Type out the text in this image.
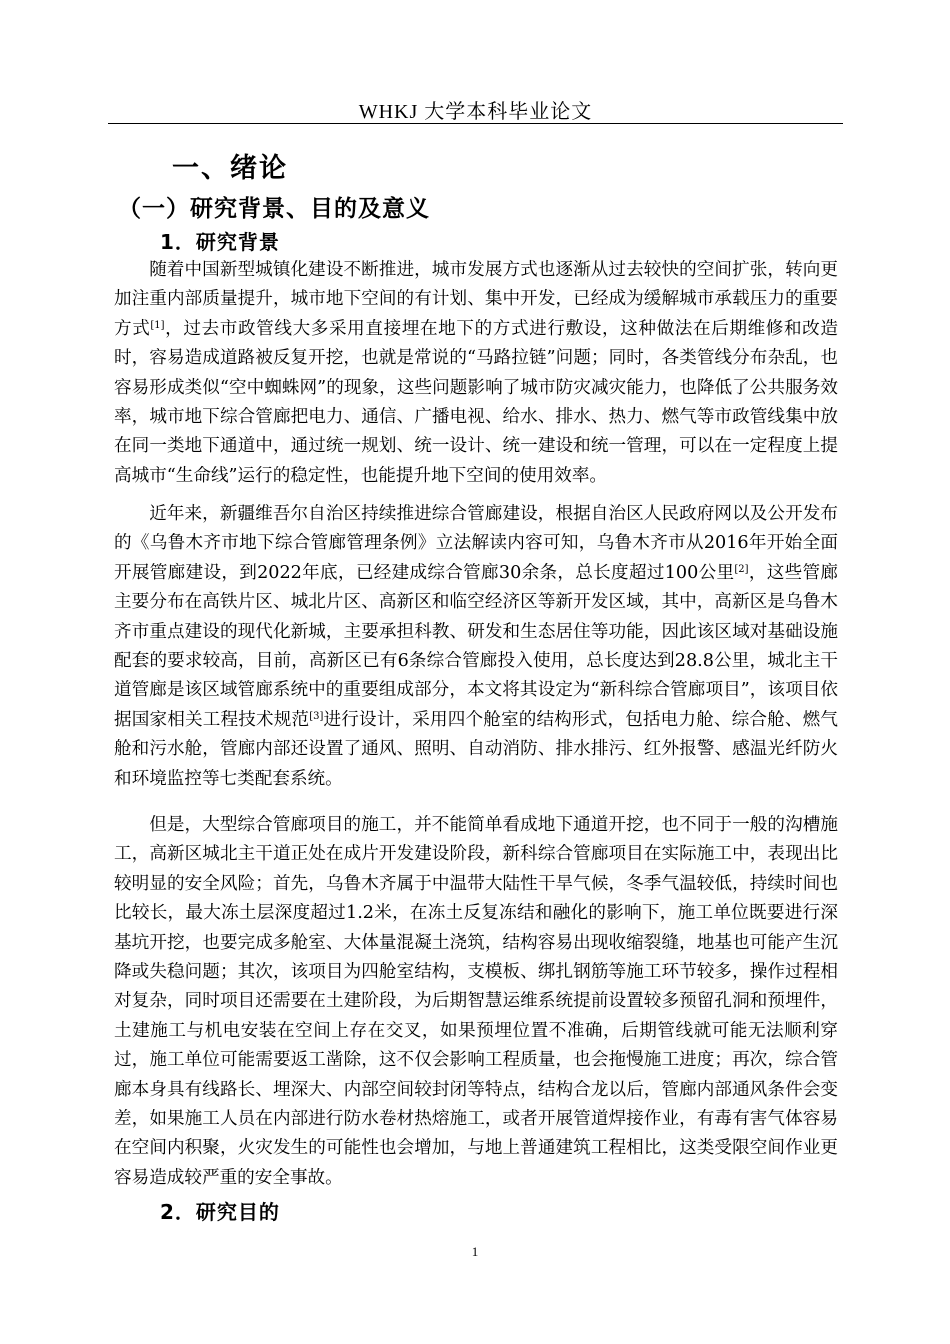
WHKJ 大学本科毕业论文
一、绪论
（一）研究背景、目的及意义
1．研究背景

随着中国新型城镇化建设不断推进，城市发展方式也逐渐从过去较快的空间扩张，转向更加注重内部质量提升，城市地下空间的有计划、集中开发，已经成为缓解城市承载压力的重要方式[1]，过去市政管线大多采用直接埋在地下的方式进行敷设，这种做法在后期维修和改造时，容易造成道路被反复开挖，也就是常说的“马路拉链”问题；同时，各类管线分布杂乱，也容易形成类似“空中蜘蛛网”的现象，这些问题影响了城市防灾减灾能力，也降低了公共服务效率，城市地下综合管廊把电力、通信、广播电视、给水、排水、热力、燃气等市政管线集中放在同一类地下通道中，通过统一规划、统一设计、统一建设和统一管理，可以在一定程度上提高城市“生命线”运行的稳定性，也能提升地下空间的使用效率。

近年来，新疆维吾尔自治区持续推进综合管廊建设，根据自治区人民政府网以及公开发布的《乌鲁木齐市地下综合管廊管理条例》立法解读内容可知，乌鲁木齐市从2016年开始全面开展管廊建设，到2022年底，已经建成综合管廊30余条，总长度超过100公里[2]，这些管廊主要分布在高铁片区、城北片区、高新区和临空经济区等新开发区域，其中，高新区是乌鲁木齐市重点建设的现代化新城，主要承担科教、研发和生态居住等功能，因此该区域对基础设施配套的要求较高，目前，高新区已有6条综合管廊投入使用，总长度达到28.8公里，城北主干道管廊是该区域管廊系统中的重要组成部分，本文将其设定为“新科综合管廊项目”，该项目依据国家相关工程技术规范[3]进行设计，采用四个舱室的结构形式，包括电力舱、综合舱、燃气舱和污水舱，管廊内部还设置了通风、照明、自动消防、排水排污、红外报警、感温光纤防火和环境监控等七类配套系统。

但是，大型综合管廊项目的施工，并不能简单看成地下通道开挖，也不同于一般的沟槽施工，高新区城北主干道正处在成片开发建设阶段，新科综合管廊项目在实际施工中，表现出比较明显的安全风险；首先，乌鲁木齐属于中温带大陆性干旱气候，冬季气温较低，持续时间也比较长，最大冻土层深度超过1.2米，在冻土反复冻结和融化的影响下，施工单位既要进行深基坑开挖，也要完成多舱室、大体量混凝土浇筑，结构容易出现收缩裂缝，地基也可能产生沉降或失稳问题；其次，该项目为四舱室结构，支模板、绑扎钢筋等施工环节较多，操作过程相对复杂，同时项目还需要在土建阶段，为后期智慧运维系统提前设置较多预留孔洞和预埋件，土建施工与机电安装在空间上存在交叉，如果预埋位置不准确，后期管线就可能无法顺利穿过，施工单位可能需要返工凿除，这不仅会影响工程质量，也会拖慢施工进度；再次，综合管廊本身具有线路长、埋深大、内部空间较封闭等特点，结构合龙以后，管廊内部通风条件会变差，如果施工人员在内部进行防水卷材热熔施工，或者开展管道焊接作业，有毒有害气体容易在空间内积聚，火灾发生的可能性也会增加，与地上普通建筑工程相比，这类受限空间作业更容易造成较严重的安全事故。

2．研究目的
1
